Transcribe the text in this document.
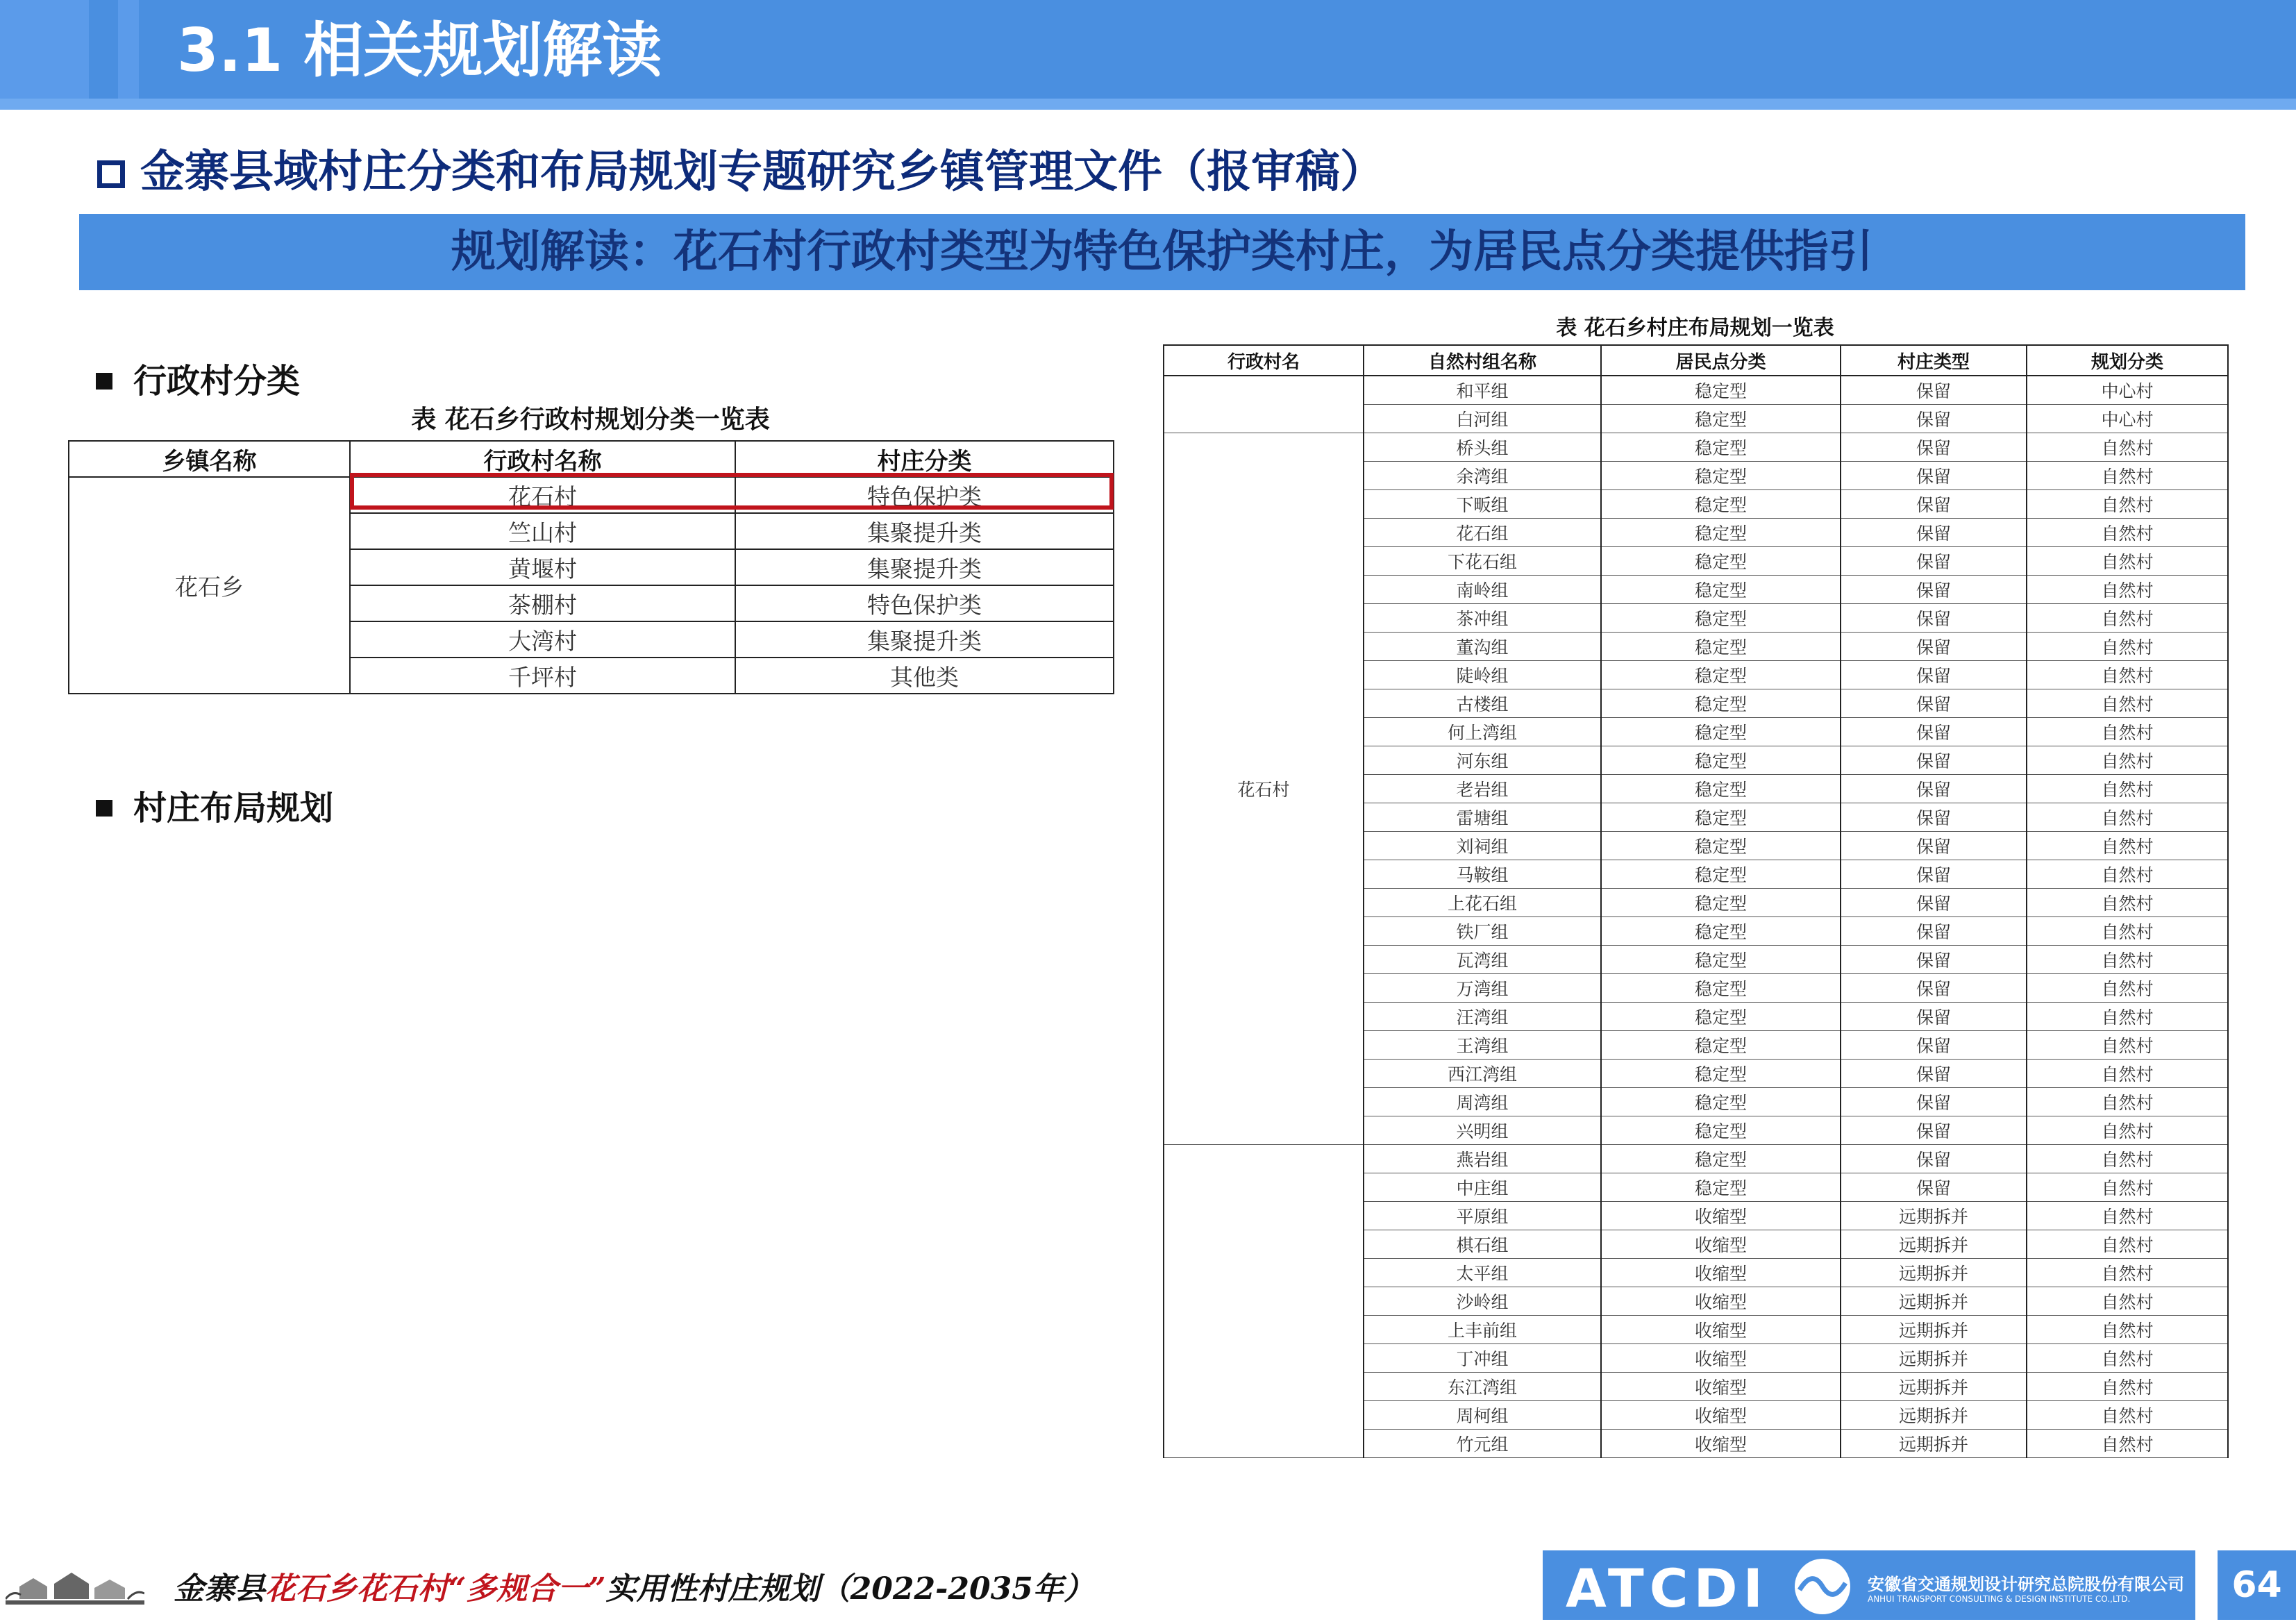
3.1 相关规划解读
金寨县域村庄分类和布局规划专题研究乡镇管理文件（报审稿）
规划解读：花石村行政村类型为特色保护类村庄，为居民点分类提供指引
行政村分类
表 花石乡行政村规划分类一览表
乡镇名称	行政村名称	村庄分类
花石乡	花石村	特色保护类
	竺山村	集聚提升类
	黄堰村	集聚提升类
	茶棚村	特色保护类
	大湾村	集聚提升类
	千坪村	其他类
村庄布局规划
表 花石乡村庄布局规划一览表
行政村名	自然村组名称	居民点分类	村庄类型	规划分类
	和平组	稳定型	保留	中心村
	白河组	稳定型	保留	中心村
花石村	桥头组	稳定型	保留	自然村
	余湾组	稳定型	保留	自然村
	下畈组	稳定型	保留	自然村
	花石组	稳定型	保留	自然村
	下花石组	稳定型	保留	自然村
	南岭组	稳定型	保留	自然村
	茶冲组	稳定型	保留	自然村
	董沟组	稳定型	保留	自然村
	陡岭组	稳定型	保留	自然村
	古楼组	稳定型	保留	自然村
	何上湾组	稳定型	保留	自然村
	河东组	稳定型	保留	自然村
	老岩组	稳定型	保留	自然村
	雷塘组	稳定型	保留	自然村
	刘祠组	稳定型	保留	自然村
	马鞍组	稳定型	保留	自然村
	上花石组	稳定型	保留	自然村
	铁厂组	稳定型	保留	自然村
	瓦湾组	稳定型	保留	自然村
	万湾组	稳定型	保留	自然村
	汪湾组	稳定型	保留	自然村
	王湾组	稳定型	保留	自然村
	西江湾组	稳定型	保留	自然村
	周湾组	稳定型	保留	自然村
	兴明组	稳定型	保留	自然村
	燕岩组	稳定型	保留	自然村
	中庄组	稳定型	保留	自然村
	平原组	收缩型	远期拆并	自然村
	棋石组	收缩型	远期拆并	自然村
	太平组	收缩型	远期拆并	自然村
	沙岭组	收缩型	远期拆并	自然村
	上丰前组	收缩型	远期拆并	自然村
	丁冲组	收缩型	远期拆并	自然村
	东江湾组	收缩型	远期拆并	自然村
	周柯组	收缩型	远期拆并	自然村
	竹元组	收缩型	远期拆并	自然村
金寨县花石乡花石村“多规合一”实用性村庄规划（2022-2035年）	ATCDI	安徽省交通规划设计研究总院股份有限公司
ANHUI TRANSPORT CONSULTING & DESIGN INSTITUTE CO.,LTD.	64
